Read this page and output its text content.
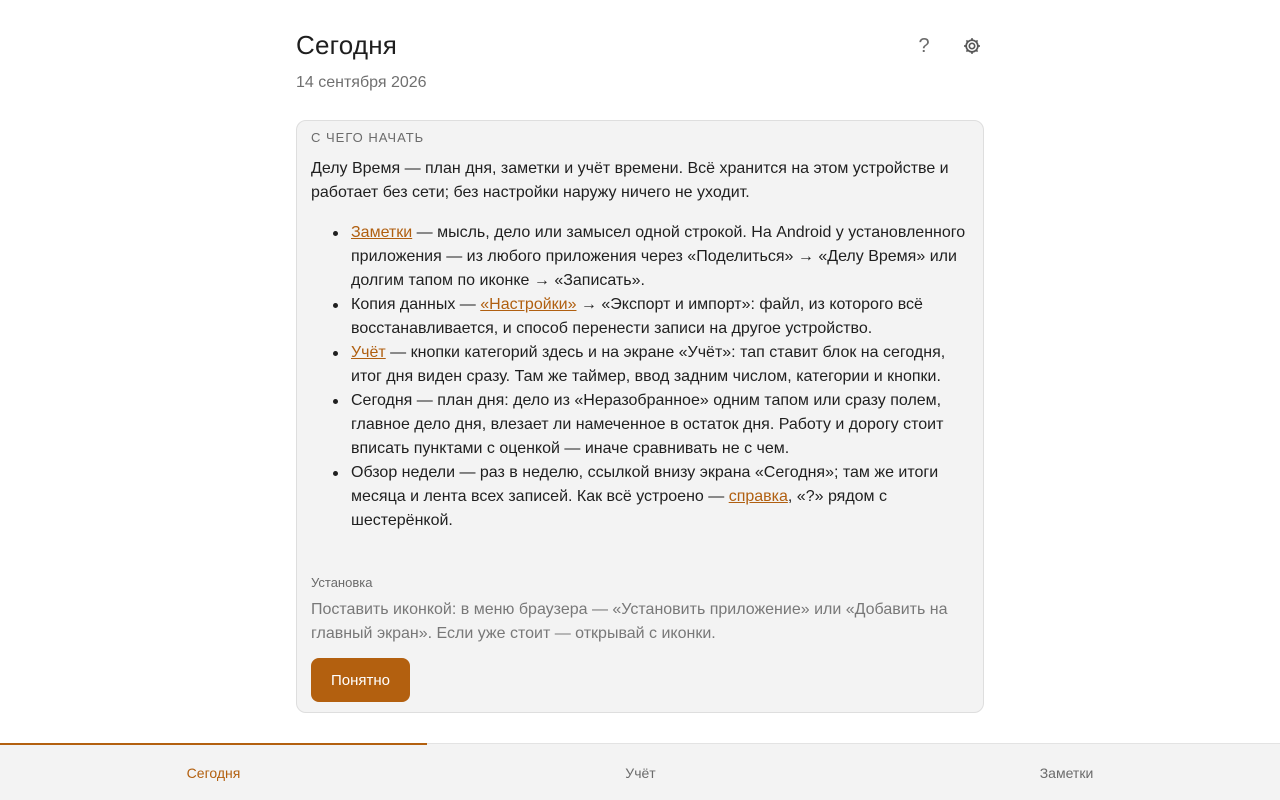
Сегодня
14 сентября 2026
?
С ЧЕГО НАЧАТЬ

Делу Время — план дня, заметки и учёт времени. Всё хранится на этом устройстве и работает без сети; без настройки наружу ничего не уходит.

Заметки — мысль, дело или замысел одной строкой. На Android у установленного приложения — из любого приложения через «Поделиться» → «Делу Время» или долгим тапом по иконке → «Записать».
Копия данных — «Настройки» → «Экспорт и импорт»: файл, из которого всё восстанавливается, и способ перенести записи на другое устройство.
Учёт — кнопки категорий здесь и на экране «Учёт»: тап ставит блок на сегодня, итог дня виден сразу. Там же таймер, ввод задним числом, категории и кнопки.
Сегодня — план дня: дело из «Неразобранное» одним тапом или сразу полем, главное дело дня, влезает ли намеченное в остаток дня. Работу и дорогу стоит вписать пунктами с оценкой — иначе сравнивать не с чем.
Обзор недели — раз в неделю, ссылкой внизу экрана «Сегодня»; там же итоги месяца и лента всех записей. Как всё устроено — справка, «?» рядом с шестерёнкой.
Установка

Поставить иконкой: в меню браузера — «Установить приложение» или «Добавить на главный экран». Если уже стоит — открывай с иконки.

Понятно
Сегодня	Учёт	Заметки
